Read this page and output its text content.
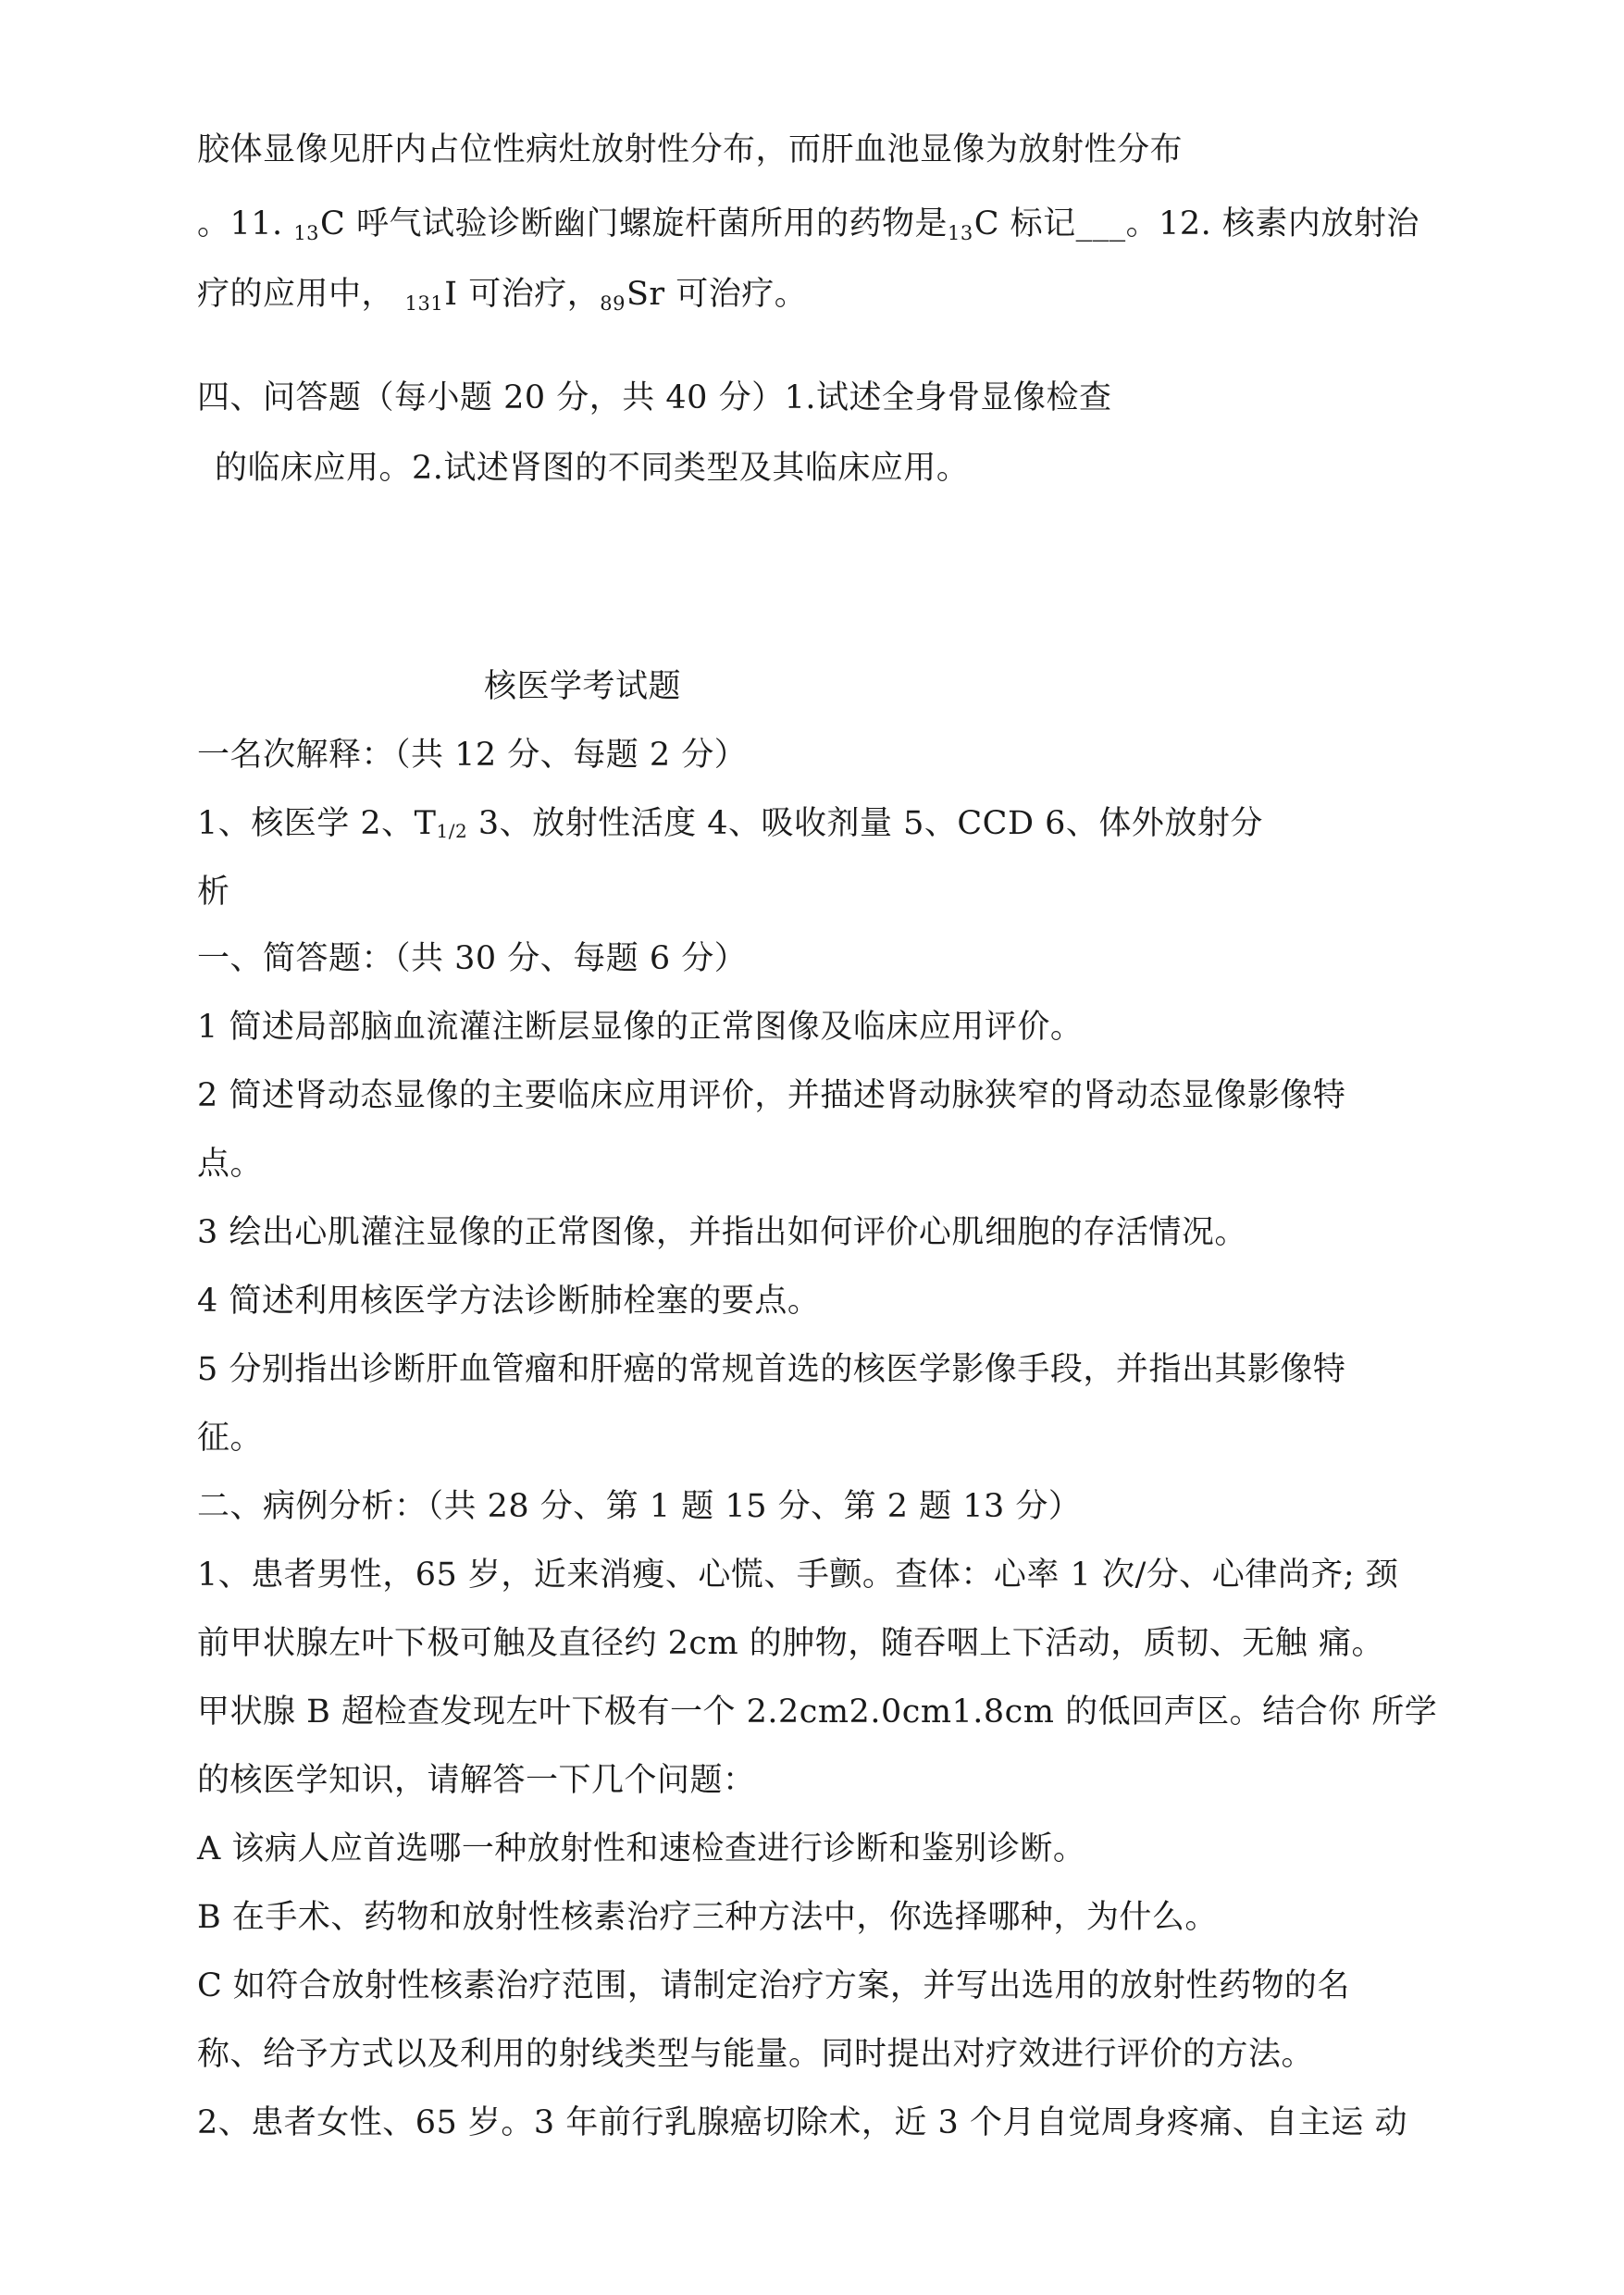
胶体显像见肝内占位性病灶放射性分布，而肝血池显像为放射性分布
。11. 13C 呼气试验诊断幽门螺旋杆菌所用的药物是13C 标记___。12. 核素内放射治
疗的应用中， 131I 可治疗，89Sr 可治疗。
四、问答题（每小题 20 分，共 40 分）1.试述全身骨显像检查
的临床应用。2.试述肾图的不同类型及其临床应用。
核医学考试题
一名次解释：（共 12 分、每题 2 分）
1、核医学 2、$T_{1/2}$ 3、放射性活度 4、吸收剂量 5、CCD 6、体外放射分
析
一、简答题：（共 30 分、每题 6 分）
1 简述局部脑血流灌注断层显像的正常图像及临床应用评价。
2 简述肾动态显像的主要临床应用评价，并描述肾动脉狭窄的肾动态显像影像特
点。
3 绘出心肌灌注显像的正常图像，并指出如何评价心肌细胞的存活情况。
4 简述利用核医学方法诊断肺栓塞的要点。
5 分别指出诊断肝血管瘤和肝癌的常规首选的核医学影像手段，并指出其影像特
征。
二、病例分析：（共 28 分、第 1 题 15 分、第 2 题 13 分）
1、患者男性，65 岁，近来消瘦、心慌、手颤。查体：心率 1 次/分、心律尚齐; 颈
前甲状腺左叶下极可触及直径约 2cm 的肿物，随吞咽上下活动，质韧、无触 痛。
甲状腺 B 超检查发现左叶下极有一个 2.2cm2.0cm1.8cm 的低回声区。结合你 所学
的核医学知识，请解答一下几个问题：
A 该病人应首选哪一种放射性和速检查进行诊断和鉴别诊断。
B 在手术、药物和放射性核素治疗三种方法中，你选择哪种，为什么。
C 如符合放射性核素治疗范围，请制定治疗方案，并写出选用的放射性药物的名
称、给予方式以及利用的射线类型与能量。同时提出对疗效进行评价的方法。
2、患者女性、65 岁。3 年前行乳腺癌切除术，近 3 个月自觉周身疼痛、自主运 动
